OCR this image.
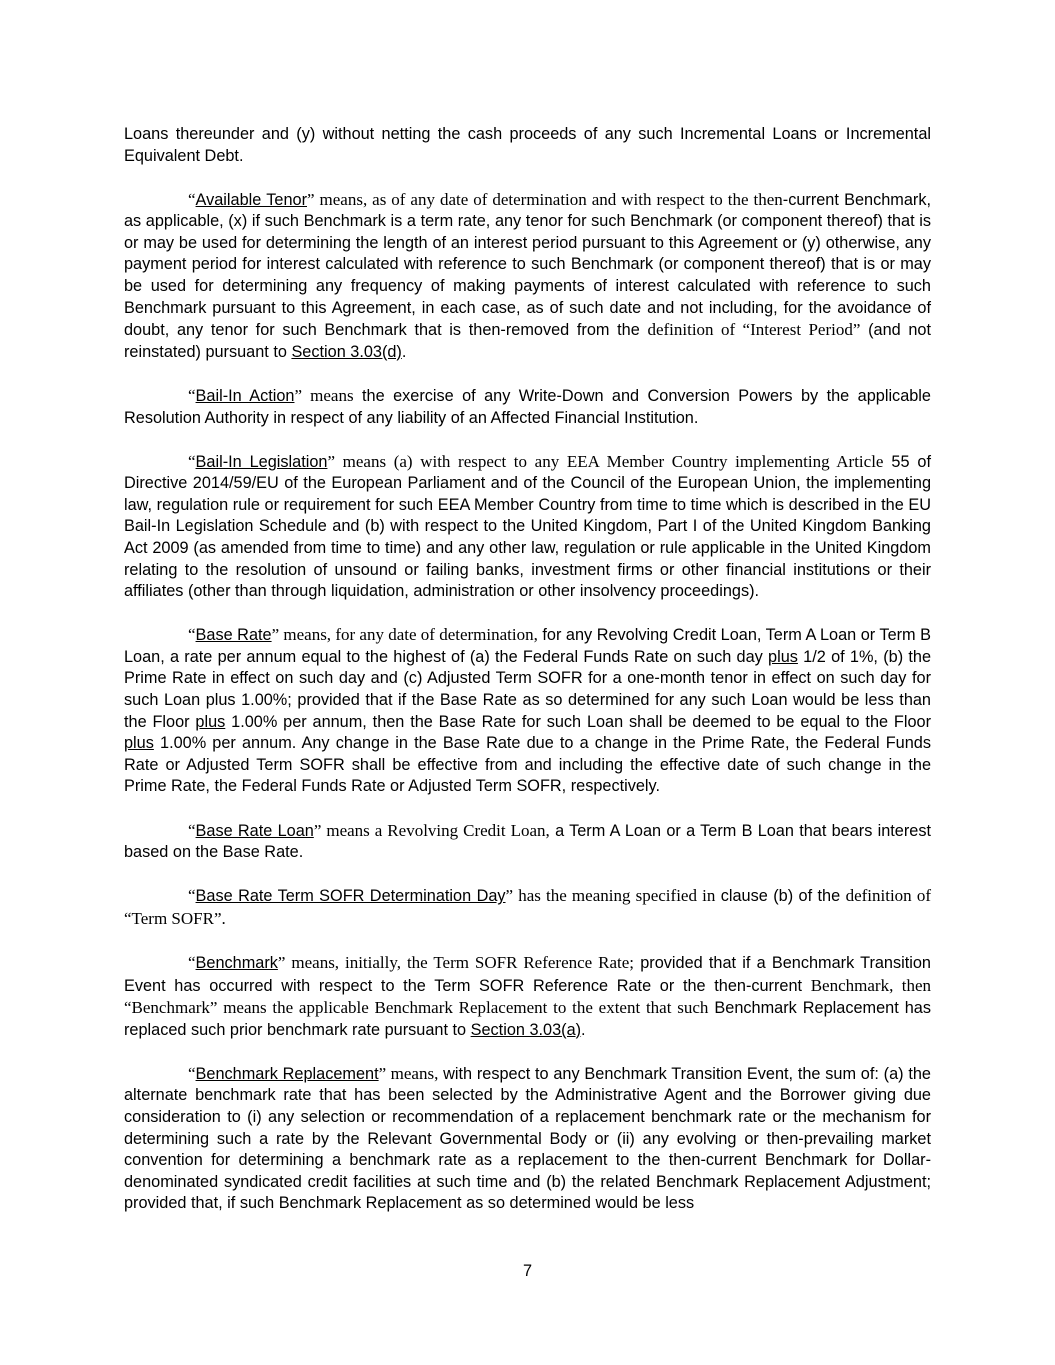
Loans thereunder and (y) without netting the cash proceeds of any such Incremental Loans or Incremental Equivalent Debt.

“Available Tenor” means, as of any date of determination and with respect to the then-current Benchmark, as applicable, (x) if such Benchmark is a term rate, any tenor for such Benchmark (or component thereof) that is or may be used for determining the length of an interest period pursuant to this Agreement or (y) otherwise, any payment period for interest calculated with reference to such Benchmark (or component thereof) that is or may be used for determining any frequency of making payments of interest calculated with reference to such Benchmark pursuant to this Agreement, in each case, as of such date and not including, for the avoidance of doubt, any tenor for such Benchmark that is then-removed from the definition of “Interest Period” (and not reinstated) pursuant to Section 3.03(d).

“Bail-In Action” means the exercise of any Write-Down and Conversion Powers by the applicable Resolution Authority in respect of any liability of an Affected Financial Institution.

“Bail-In Legislation” means (a) with respect to any EEA Member Country implementing Article 55 of Directive 2014/59/EU of the European Parliament and of the Council of the European Union, the implementing law, regulation rule or requirement for such EEA Member Country from time to time which is described in the EU Bail-In Legislation Schedule and (b) with respect to the United Kingdom, Part I of the United Kingdom Banking Act 2009 (as amended from time to time) and any other law, regulation or rule applicable in the United Kingdom relating to the resolution of unsound or failing banks, investment firms or other financial institutions or their affiliates (other than through liquidation, administration or other insolvency proceedings).

“Base Rate” means, for any date of determination, for any Revolving Credit Loan, Term A Loan or Term B Loan, a rate per annum equal to the highest of (a) the Federal Funds Rate on such day plus 1/2 of 1%, (b) the Prime Rate in effect on such day and (c) Adjusted Term SOFR for a one-month tenor in effect on such day for such Loan plus 1.00%; provided that if the Base Rate as so determined for any such Loan would be less than the Floor plus 1.00% per annum, then the Base Rate for such Loan shall be deemed to be equal to the Floor plus 1.00% per annum. Any change in the Base Rate due to a change in the Prime Rate, the Federal Funds Rate or Adjusted Term SOFR shall be effective from and including the effective date of such change in the Prime Rate, the Federal Funds Rate or Adjusted Term SOFR, respectively.

“Base Rate Loan” means a Revolving Credit Loan, a Term A Loan or a Term B Loan that bears interest based on the Base Rate.

“Base Rate Term SOFR Determination Day” has the meaning specified in clause (b) of the definition of “Term SOFR”.

“Benchmark” means, initially, the Term SOFR Reference Rate; provided that if a Benchmark Transition Event has occurred with respect to the Term SOFR Reference Rate or the then-current Benchmark, then “Benchmark” means the applicable Benchmark Replacement to the extent that such Benchmark Replacement has replaced such prior benchmark rate pursuant to Section 3.03(a).

“Benchmark Replacement” means, with respect to any Benchmark Transition Event, the sum of: (a) the alternate benchmark rate that has been selected by the Administrative Agent and the Borrower giving due consideration to (i) any selection or recommendation of a replacement benchmark rate or the mechanism for determining such a rate by the Relevant Governmental Body or (ii) any evolving or then-prevailing market convention for determining a benchmark rate as a replacement to the then-current Benchmark for Dollar-denominated syndicated credit facilities at such time and (b) the related Benchmark Replacement Adjustment; provided that, if such Benchmark Replacement as so determined would be less

7
